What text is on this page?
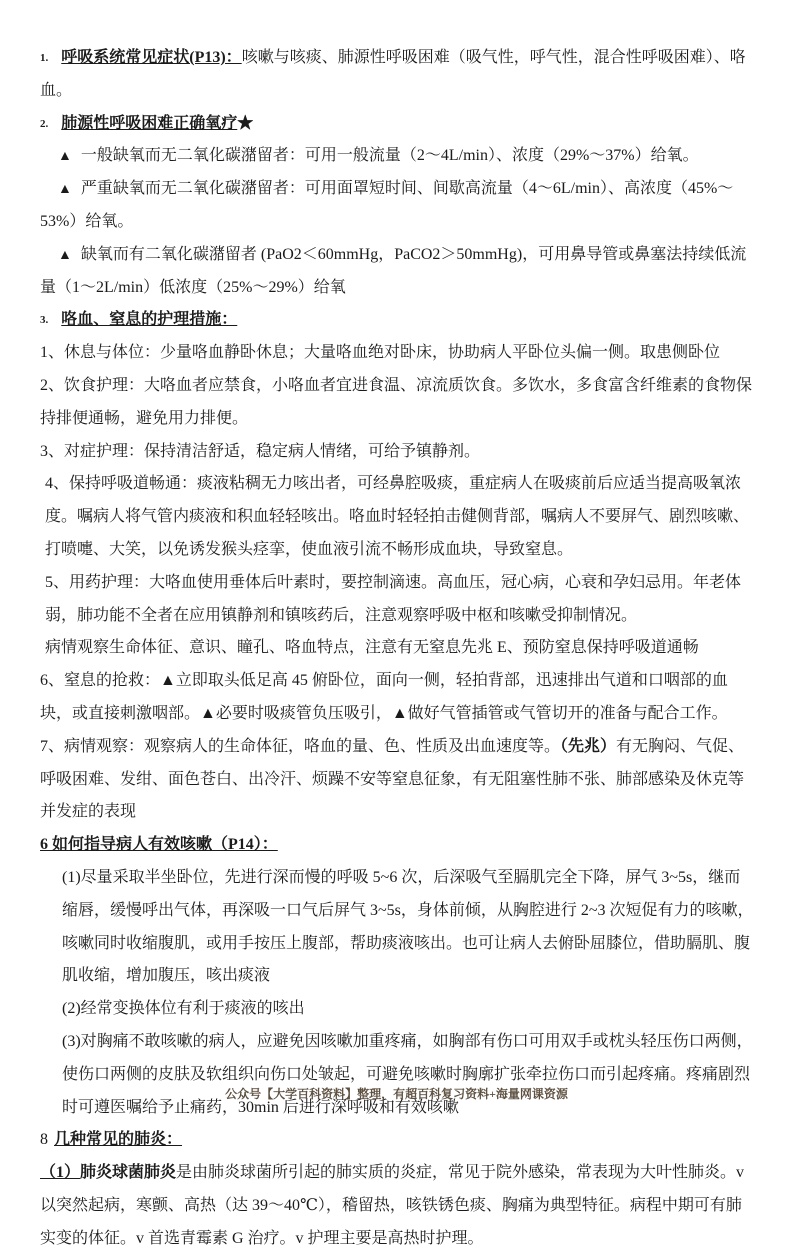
1. 呼吸系统常见症状(P13)：咳嗽与咳痰、肺源性呼吸困难（吸气性，呼气性，混合性呼吸困难）、咯血。
2. 肺源性呼吸困难正确氧疗★
▲ 一般缺氧而无二氧化碳潴留者：可用一般流量（2～4L/min）、浓度（29%～37%）给氧。
▲ 严重缺氧而无二氧化碳潴留者：可用面罩短时间、间歇高流量（4～6L/min）、高浓度（45%～53%）给氧。
▲ 缺氧而有二氧化碳潴留者 (PaO2＜60mmHg，PaCO2＞50mmHg)，可用鼻导管或鼻塞法持续低流量（1～2L/min）低浓度（25%～29%）给氧
3. 咯血、窒息的护理措施：
1、休息与体位：少量咯血静卧休息；大量咯血绝对卧床，协助病人平卧位头偏一侧。取患侧卧位
2、饮食护理：大咯血者应禁食，小咯血者宜进食温、凉流质饮食。多饮水，多食富含纤维素的食物保持排便通畅，避免用力排便。
3、对症护理：保持清洁舒适，稳定病人情绪，可给予镇静剂。
4、保持呼吸道畅通：痰液粘稠无力咳出者，可经鼻腔吸痰，重症病人在吸痰前后应适当提高吸氧浓度。嘱病人将气管内痰液和积血轻轻咳出。咯血时轻轻拍击健侧背部，嘱病人不要屏气、剧烈咳嗽、打喷嚏、大笑，以免诱发猴头痉挛，使血液引流不畅形成血块，导致窒息。
5、用药护理：大咯血使用垂体后叶素时，要控制滴速。高血压，冠心病，心衰和孕妇忌用。年老体弱，肺功能不全者在应用镇静剂和镇咳药后，注意观察呼吸中枢和咳嗽受抑制情况。
病情观察生命体征、意识、瞳孔、咯血特点，注意有无窒息先兆 E、预防窒息保持呼吸道通畅
6、窒息的抢救：▲立即取头低足高 45 俯卧位，面向一侧，轻拍背部，迅速排出气道和口咽部的血块，或直接刺激咽部。▲必要时吸痰管负压吸引，▲做好气管插管或气管切开的准备与配合工作。
7、病情观察：观察病人的生命体征，咯血的量、色、性质及出血速度等。（先兆）有无胸闷、气促、呼吸困难、发绀、面色苍白、出冷汗、烦躁不安等窒息征象，有无阻塞性肺不张、肺部感染及休克等并发症的表现
6 如何指导病人有效咳嗽（P14）：
(1)尽量采取半坐卧位，先进行深而慢的呼吸 5~6 次，后深吸气至膈肌完全下降，屏气 3~5s，继而缩唇，缓慢呼出气体，再深吸一口气后屏气 3~5s，身体前倾，从胸腔进行 2~3 次短促有力的咳嗽，咳嗽同时收缩腹肌，或用手按压上腹部，帮助痰液咳出。也可让病人去俯卧屈膝位，借助膈肌、腹肌收缩，增加腹压，咳出痰液
(2)经常变换体位有利于痰液的咳出
(3)对胸痛不敢咳嗽的病人，应避免因咳嗽加重疼痛，如胸部有伤口可用双手或枕头轻压伤口两侧，使伤口两侧的皮肤及软组织向伤口处皱起，可避免咳嗽时胸廓扩张牵拉伤口而引起疼痛。疼痛剧烈时可遵医嘱给予止痛药，30min 后进行深呼吸和有效咳嗽
8 几种常见的肺炎：
（1）肺炎球菌肺炎是由肺炎球菌所引起的肺实质的炎症，常见于院外感染，常表现为大叶性肺炎。v 以突然起病，寒颤、高热（达 39～40℃），稽留热，咳铁锈色痰、胸痛为典型特征。病程中期可有肺实变的体征。v 首选青霉素 G 治疗。v 护理主要是高热时护理。
公众号【大学百科资料】整理，有超百科复习资料+海量网课资源
